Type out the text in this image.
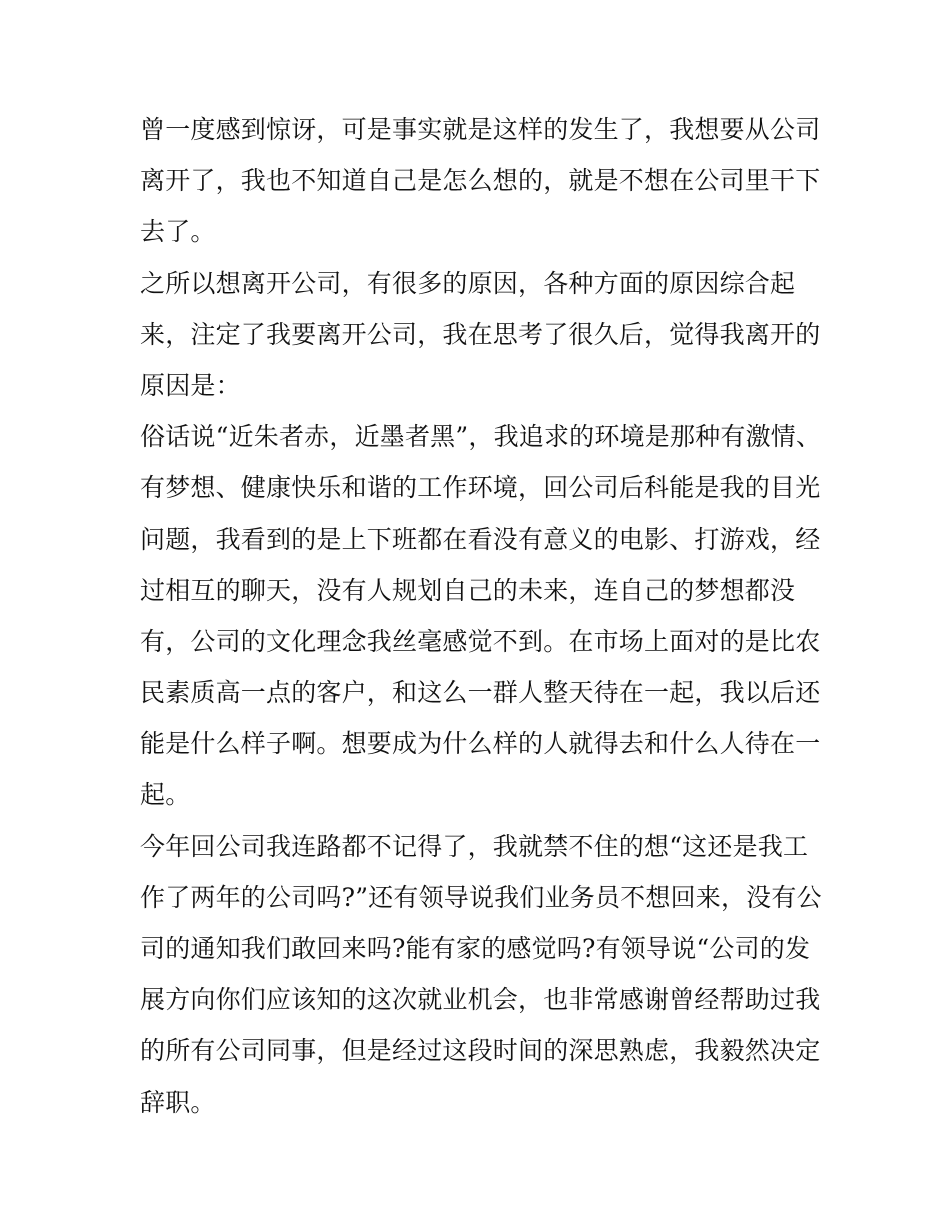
曾一度感到惊讶，可是事实就是这样的发生了，我想要从公司
离开了，我也不知道自己是怎么想的，就是不想在公司里干下
去了。
之所以想离开公司，有很多的原因，各种方面的原因综合起
来，注定了我要离开公司，我在思考了很久后，觉得我离开的
原因是：
俗话说“近朱者赤，近墨者黑”，我追求的环境是那种有激情、
有梦想、健康快乐和谐的工作环境，回公司后科能是我的目光
问题，我看到的是上下班都在看没有意义的电影、打游戏，经
过相互的聊天，没有人规划自己的未来，连自己的梦想都没
有，公司的文化理念我丝毫感觉不到。在市场上面对的是比农
民素质高一点的客户，和这么一群人整天待在一起，我以后还
能是什么样子啊。想要成为什么样的人就得去和什么人待在一
起。
今年回公司我连路都不记得了，我就禁不住的想“这还是我工
作了两年的公司吗?”还有领导说我们业务员不想回来，没有公
司的通知我们敢回来吗?能有家的感觉吗?有领导说“公司的发
展方向你们应该知的这次就业机会，也非常感谢曾经帮助过我
的所有公司同事，但是经过这段时间的深思熟虑，我毅然决定
辞职。
